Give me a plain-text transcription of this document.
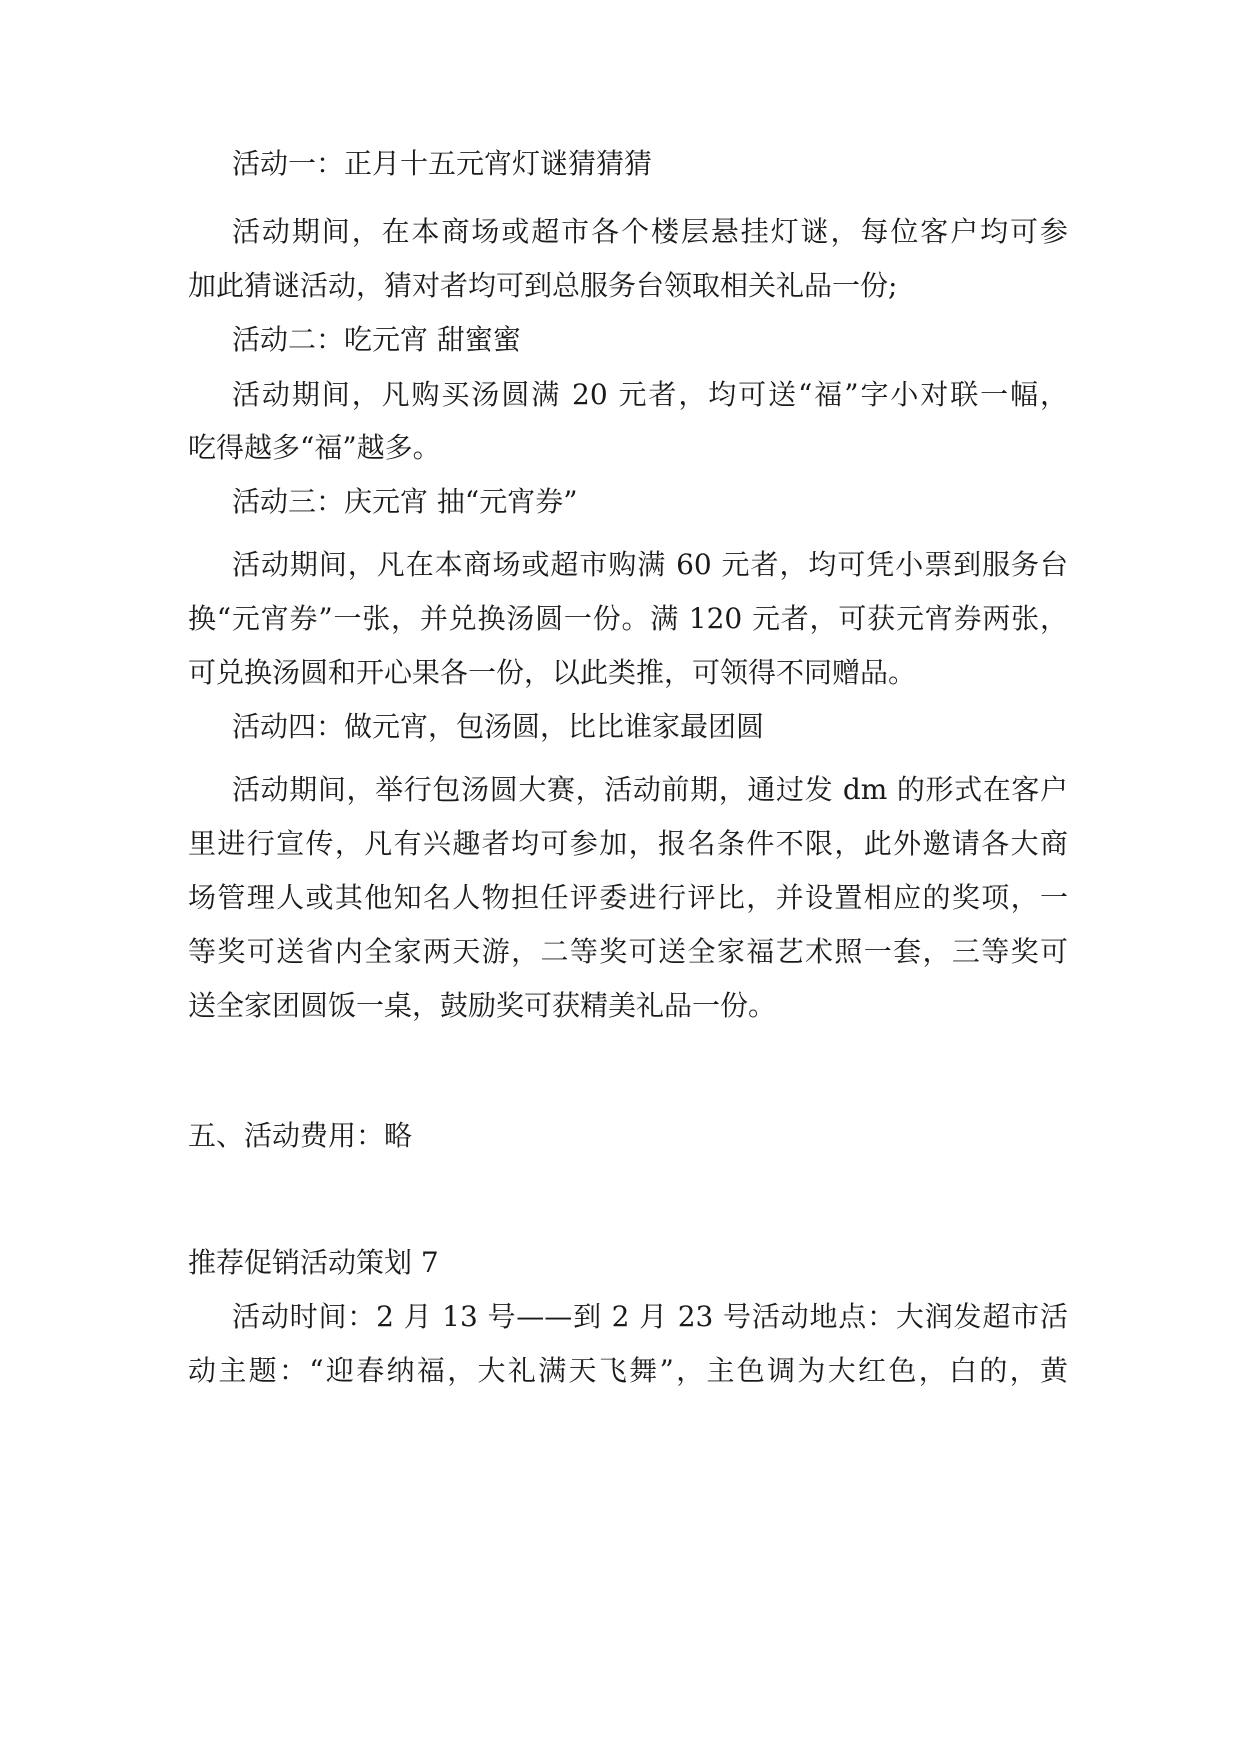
活动一：正月十五元宵灯谜猜猜猜
活动期间，在本商场或超市各个楼层悬挂灯谜，每位客户均可参
加此猜谜活动，猜对者均可到总服务台领取相关礼品一份;
活动二：吃元宵 甜蜜蜜
活动期间，凡购买汤圆满 20 元者，均可送“福”字小对联一幅，
吃得越多“福”越多。
活动三：庆元宵 抽“元宵券”
活动期间，凡在本商场或超市购满 60 元者，均可凭小票到服务台
换“元宵券”一张，并兑换汤圆一份。满 120 元者，可获元宵券两张，
可兑换汤圆和开心果各一份，以此类推，可领得不同赠品。
活动四：做元宵，包汤圆，比比谁家最团圆
活动期间，举行包汤圆大赛，活动前期，通过发 dm 的形式在客户
里进行宣传，凡有兴趣者均可参加，报名条件不限，此外邀请各大商
场管理人或其他知名人物担任评委进行评比，并设置相应的奖项，一
等奖可送省内全家两天游，二等奖可送全家福艺术照一套，三等奖可
送全家团圆饭一桌，鼓励奖可获精美礼品一份。
五、活动费用：略
推荐促销活动策划 7
活动时间：2 月 13 号——到 2 月 23 号活动地点：大润发超市活
动主题：“迎春纳福，大礼满天飞舞”，主色调为大红色，白的，黄
